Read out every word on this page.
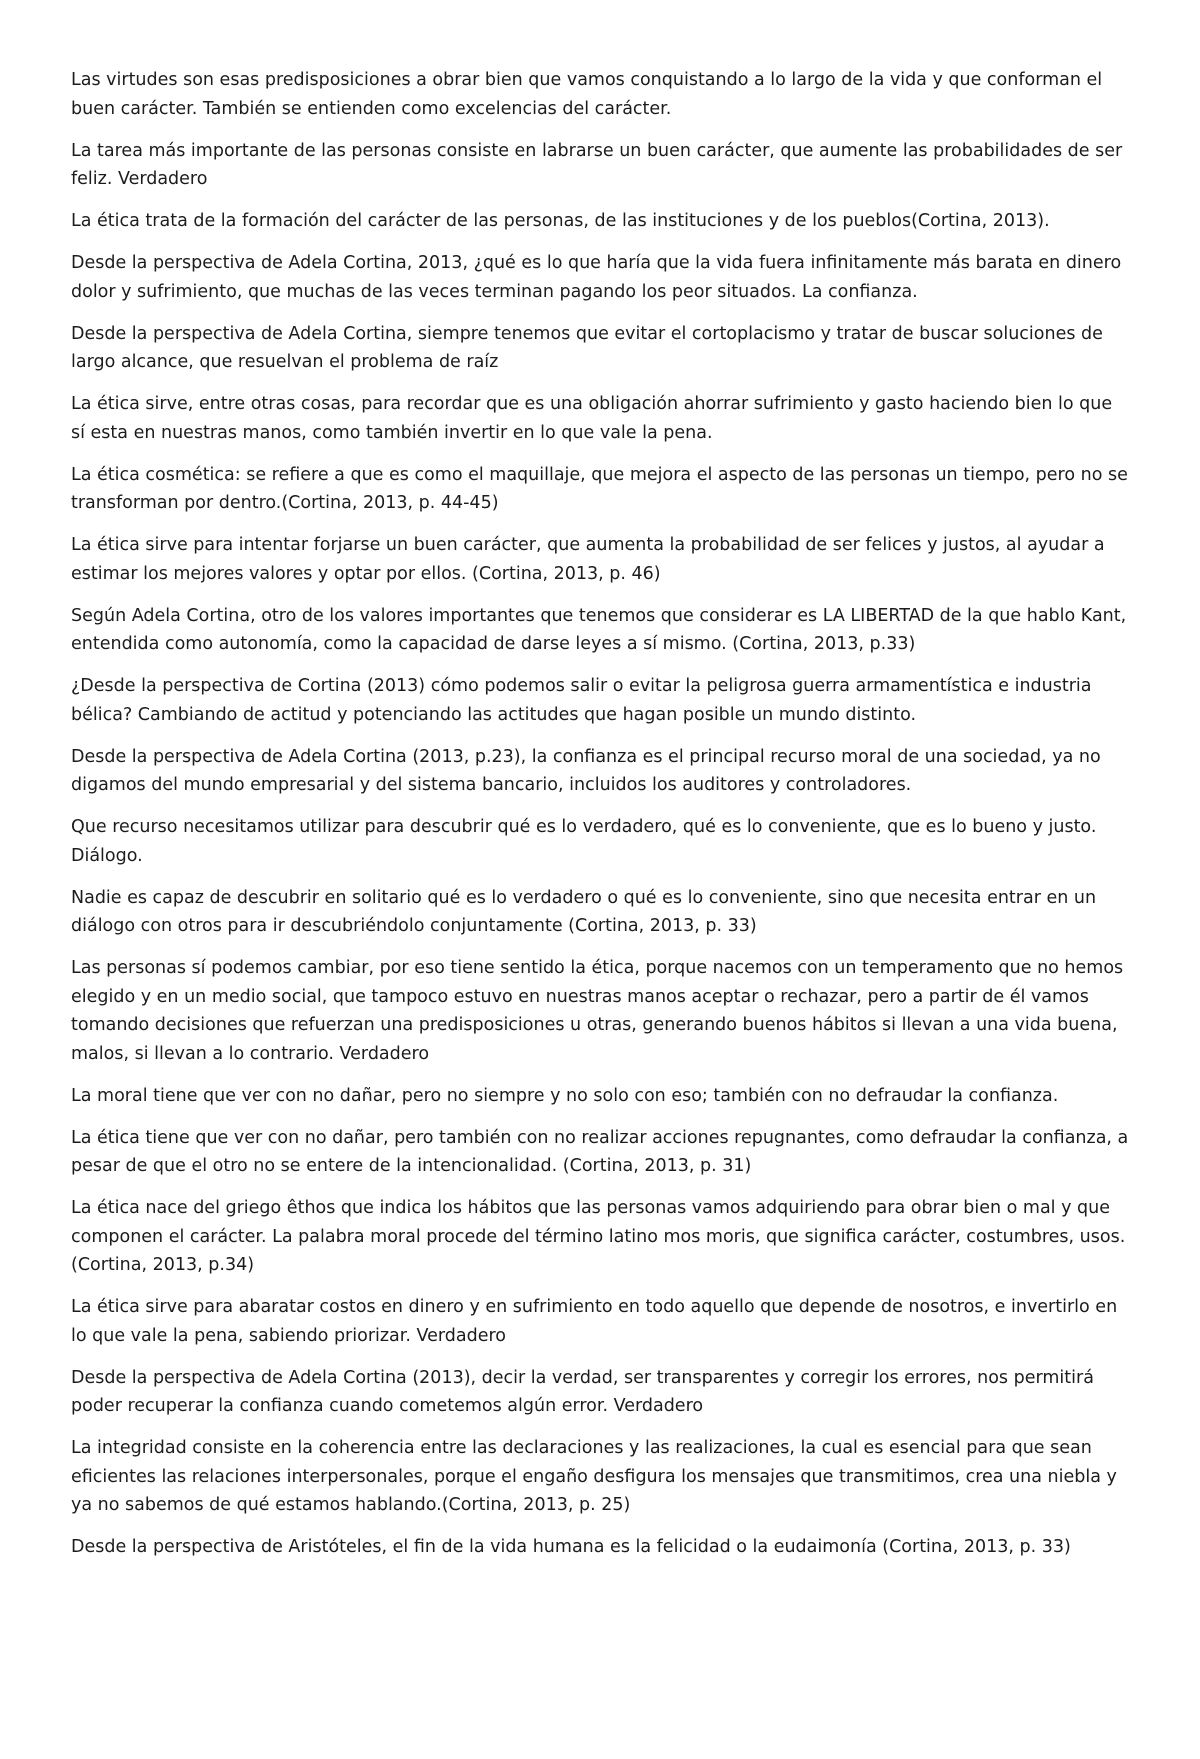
Las virtudes son esas predisposiciones a obrar bien que vamos conquistando a lo largo de la vida y que conforman el buen carácter. También se entienden como excelencias del carácter.

La tarea más importante de las personas consiste en labrarse un buen carácter, que aumente las probabilidades de ser feliz. Verdadero

La ética trata de la formación del carácter de las personas, de las instituciones y de los pueblos(Cortina, 2013).

Desde la perspectiva de Adela Cortina, 2013, ¿qué es lo que haría que la vida fuera infinitamente más barata en dinero dolor y sufrimiento, que muchas de las veces terminan pagando los peor situados. La confianza.

Desde la perspectiva de Adela Cortina, siempre tenemos que evitar el cortoplacismo y tratar de buscar soluciones de largo alcance, que resuelvan el problema de raíz

La ética sirve, entre otras cosas, para recordar que es una obligación ahorrar sufrimiento y gasto haciendo bien lo que sí esta en nuestras manos, como también invertir en lo que vale la pena.

La ética cosmética: se refiere a que es como el maquillaje, que mejora el aspecto de las personas un tiempo, pero no se transforman por dentro.(Cortina, 2013, p. 44-45)

La ética sirve para intentar forjarse un buen carácter, que aumenta la probabilidad de ser felices y justos, al ayudar a estimar los mejores valores y optar por ellos. (Cortina, 2013, p. 46)

Según Adela Cortina, otro de los valores importantes que tenemos que considerar es LA LIBERTAD de la que hablo Kant, entendida como autonomía, como la capacidad de darse leyes a sí mismo. (Cortina, 2013, p.33)

¿Desde la perspectiva de Cortina (2013) cómo podemos salir o evitar la peligrosa guerra armamentística e industria bélica? Cambiando de actitud y potenciando las actitudes que hagan posible un mundo distinto.

Desde la perspectiva de Adela Cortina (2013, p.23), la confianza es el principal recurso moral de una sociedad, ya no digamos del mundo empresarial y del sistema bancario, incluidos los auditores y controladores.

Que recurso necesitamos utilizar para descubrir qué es lo verdadero, qué es lo conveniente, que es lo bueno y justo. Diálogo.

Nadie es capaz de descubrir en solitario qué es lo verdadero o qué es lo conveniente, sino que necesita entrar en un diálogo con otros para ir descubriéndolo conjuntamente (Cortina, 2013, p. 33)

Las personas sí podemos cambiar, por eso tiene sentido la ética, porque nacemos con un temperamento que no hemos elegido y en un medio social, que tampoco estuvo en nuestras manos aceptar o rechazar, pero a partir de él vamos tomando decisiones que refuerzan una predisposiciones u otras, generando buenos hábitos si llevan a una vida buena, malos, si llevan a lo contrario. Verdadero

La moral tiene que ver con no dañar, pero no siempre y no solo con eso; también con no defraudar la confianza.

La ética tiene que ver con no dañar, pero también con no realizar acciones repugnantes, como defraudar la confianza, a pesar de que el otro no se entere de la intencionalidad. (Cortina, 2013, p. 31)

La ética nace del griego êthos que indica los hábitos que las personas vamos adquiriendo para obrar bien o mal y que componen el carácter. La palabra moral procede del término latino mos moris, que significa carácter, costumbres, usos.(Cortina, 2013, p.34)

La ética sirve para abaratar costos en dinero y en sufrimiento en todo aquello que depende de nosotros, e invertirlo en lo que vale la pena, sabiendo priorizar. Verdadero

Desde la perspectiva de Adela Cortina (2013), decir la verdad, ser transparentes y corregir los errores, nos permitirá poder recuperar la confianza cuando cometemos algún error. Verdadero

La integridad consiste en la coherencia entre las declaraciones y las realizaciones, la cual es esencial para que sean eficientes las relaciones interpersonales, porque el engaño desfigura los mensajes que transmitimos, crea una niebla y ya no sabemos de qué estamos hablando.(Cortina, 2013, p. 25)

Desde la perspectiva de Aristóteles, el fin de la vida humana es la felicidad o la eudaimonía (Cortina, 2013, p. 33)
